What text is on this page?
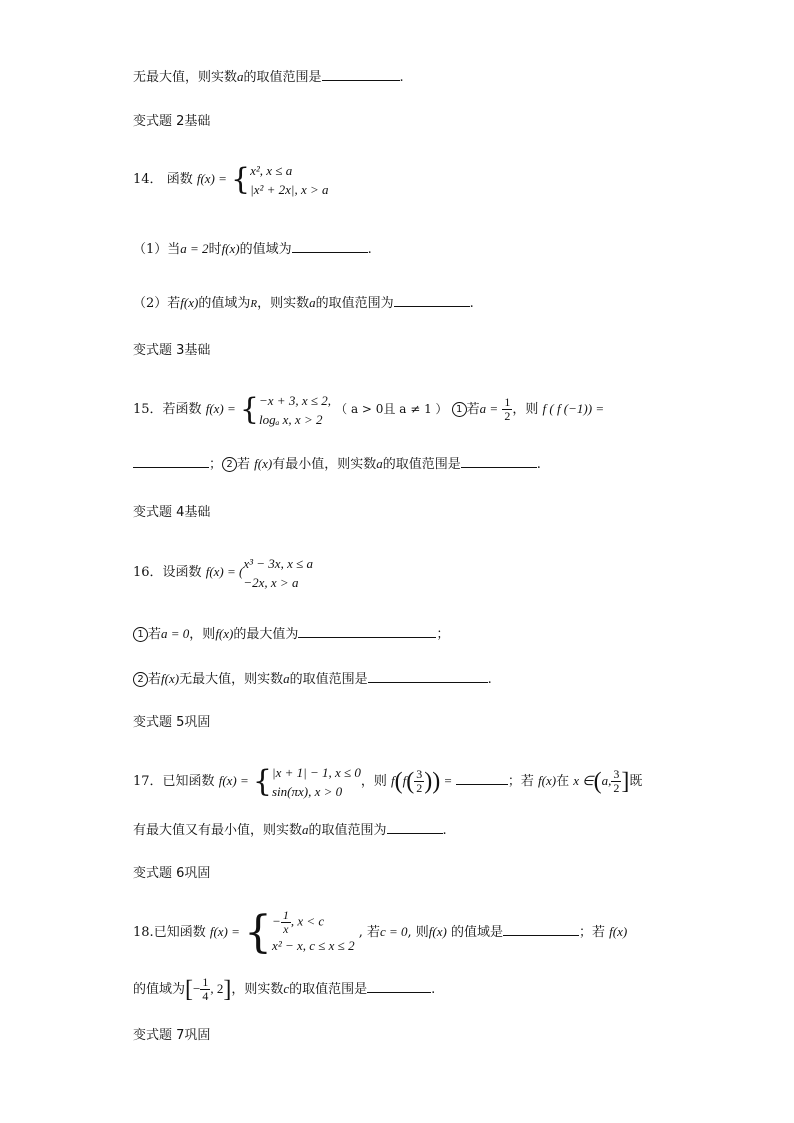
无最大值，则实数a的取值范围是	.
变式题 2基础
14． 函数 f(x) = { x², x ≤ a
|x² + 2x|, x > a
（1）当a = 2时f(x)的值域为	.
（2）若f(x)的值域为R，则实数a的取值范围为	.
变式题 3基础
15．若函数 f(x) = { −x + 3, x ≤ 2,
logₐ x, x > 2
（ a > 0且 a ≠ 1 ） 1 若$a = \frac{1}{2}$ ，则 f ( f (−1)) =
； 2 若 f(x)有最小值，则实数a的取值范围是	.
变式题 4基础
16．设函数 f(x) = (
x³ − 3x, x ≤ a
−2x, x > a
1 若a = 0，则f(x)的最大值为	；
2 若f(x)无最大值，则实数a的取值范围是	.
变式题 5巩固
17．已知函数 f(x) = { |x + 1| − 1, x ≤ 0
sin(πx), x > 0
，则 $f(f( \frac{3}{2}$ )) =	；若 f(x)在 x ∈(a, $\frac{3}{2}$ ]既
有最大值又有最小值，则实数a的取值范围为	.
变式题 6巩固
18.已知函数 f(x) = { − $\frac{1}{x}$ , x < c
x² − x, c ≤ x ≤ 2
, 若c = 0, 则f(x) 的值域是	；若 f(x)
的值域为[− $\frac{1}{4}$ , 2]，则实数c的取值范围是	.
变式题 7巩固
